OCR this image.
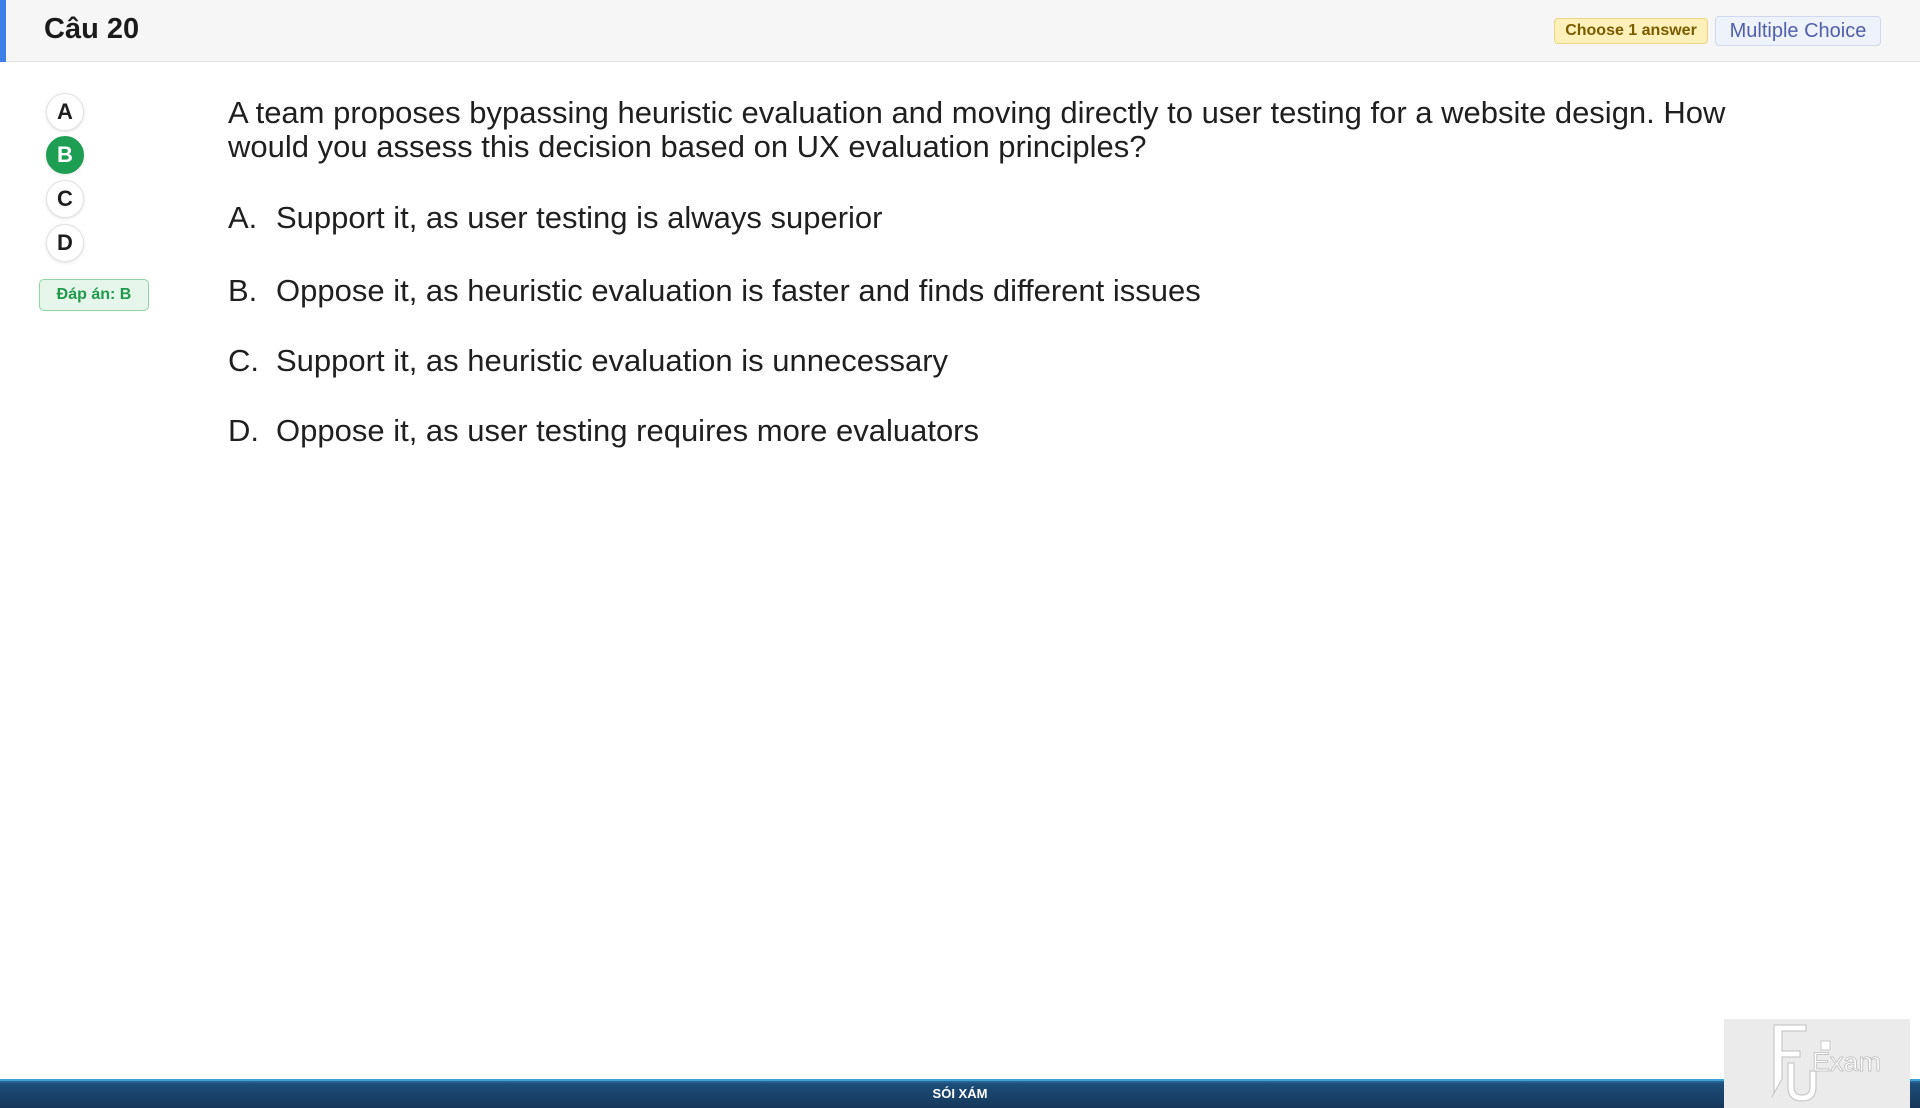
Câu 20	Choose 1 answer	Multiple Choice
A
B
C
D
Đáp án: B
A team proposes bypassing heuristic evaluation and moving directly to user testing for a website design. How would you assess this decision based on UX evaluation principles?
A. Support it, as user testing is always superior
B. Oppose it, as heuristic evaluation is faster and finds different issues
C. Support it, as heuristic evaluation is unnecessary
D. Oppose it, as user testing requires more evaluators
SÓI XÁM
Exam
